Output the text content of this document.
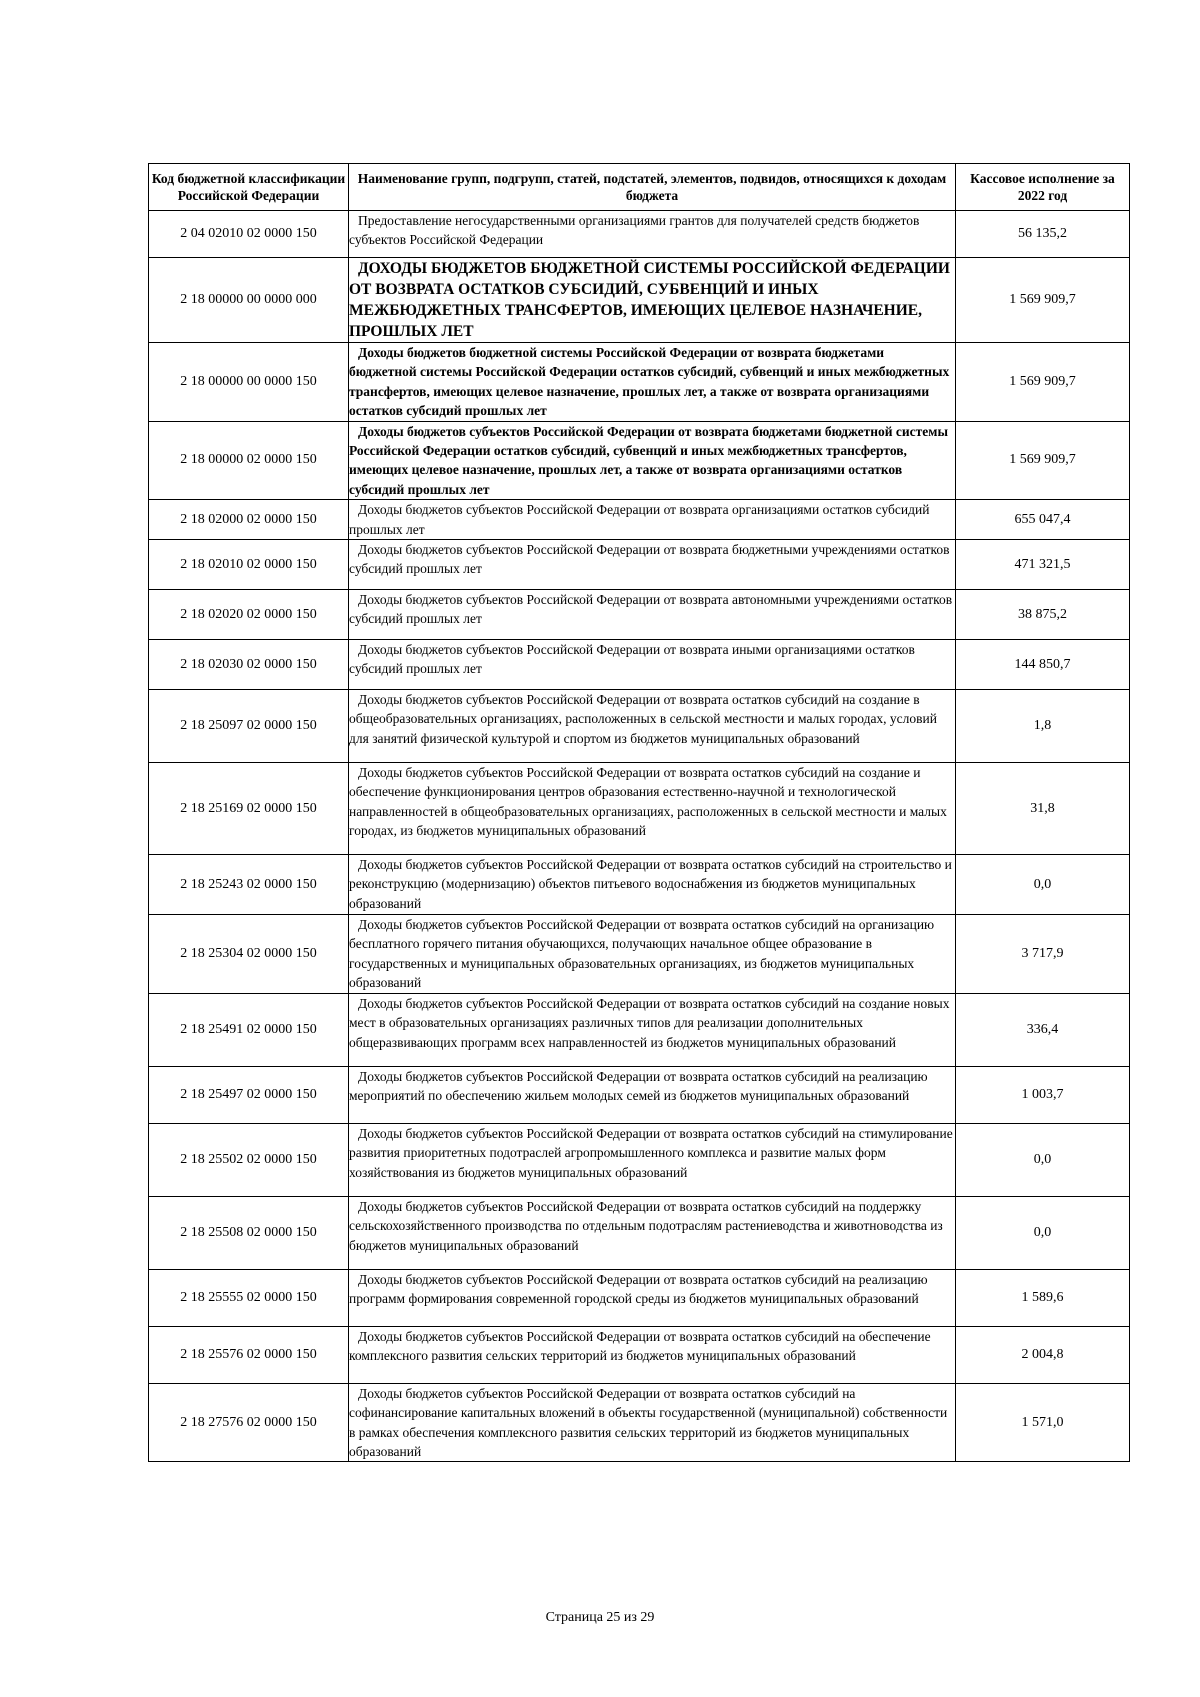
Код бюджетной классификации Российской Федерации	Наименование групп, подгрупп, статей, подстатей, элементов, подвидов, относящихся к доходам бюджета	Кассовое исполнение за 2022 год
2 04 02010 02 0000 150	Предоставление негосударственными организациями грантов для получателей средств бюджетов субъектов Российской Федерации	56 135,2
2 18 00000 00 0000 000	ДОХОДЫ БЮДЖЕТОВ БЮДЖЕТНОЙ СИСТЕМЫ РОССИЙСКОЙ ФЕДЕРАЦИИ ОТ ВОЗВРАТА ОСТАТКОВ СУБСИДИЙ, СУБВЕНЦИЙ И ИНЫХ МЕЖБЮДЖЕТНЫХ ТРАНСФЕРТОВ, ИМЕЮЩИХ ЦЕЛЕВОЕ НАЗНАЧЕНИЕ, ПРОШЛЫХ ЛЕТ	1 569 909,7
2 18 00000 00 0000 150	Доходы бюджетов бюджетной системы Российской Федерации от возврата бюджетами бюджетной системы Российской Федерации остатков субсидий, субвенций и иных межбюджетных трансфертов, имеющих целевое назначение, прошлых лет, а также от возврата организациями остатков субсидий прошлых лет	1 569 909,7
2 18 00000 02 0000 150	Доходы бюджетов субъектов Российской Федерации от возврата бюджетами бюджетной системы Российской Федерации остатков субсидий, субвенций и иных межбюджетных трансфертов, имеющих целевое назначение, прошлых лет, а также от возврата организациями остатков субсидий прошлых лет	1 569 909,7
2 18 02000 02 0000 150	Доходы бюджетов субъектов Российской Федерации от возврата организациями остатков субсидий прошлых лет	655 047,4
2 18 02010 02 0000 150	Доходы бюджетов субъектов Российской Федерации от возврата бюджетными учреждениями остатков субсидий прошлых лет	471 321,5
2 18 02020 02 0000 150	Доходы бюджетов субъектов Российской Федерации от возврата автономными учреждениями остатков субсидий прошлых лет	38 875,2
2 18 02030 02 0000 150	Доходы бюджетов субъектов Российской Федерации от возврата иными организациями остатков субсидий прошлых лет	144 850,7
2 18 25097 02 0000 150	Доходы бюджетов субъектов Российской Федерации от возврата остатков субсидий на создание в общеобразовательных организациях, расположенных в сельской местности и малых городах, условий для занятий физической культурой и спортом из бюджетов муниципальных образований	1,8
2 18 25169 02 0000 150	Доходы бюджетов субъектов Российской Федерации от возврата остатков субсидий на создание и обеспечение функционирования центров образования естественно-научной и технологической направленностей в общеобразовательных организациях, расположенных в сельской местности и малых городах, из бюджетов муниципальных образований	31,8
2 18 25243 02 0000 150	Доходы бюджетов субъектов Российской Федерации от возврата остатков субсидий на строительство и реконструкцию (модернизацию) объектов питьевого водоснабжения из бюджетов муниципальных образований	0,0
2 18 25304 02 0000 150	Доходы бюджетов субъектов Российской Федерации от возврата остатков субсидий на организацию бесплатного горячего питания обучающихся, получающих начальное общее образование в государственных и муниципальных образовательных организациях, из бюджетов муниципальных образований	3 717,9
2 18 25491 02 0000 150	Доходы бюджетов субъектов Российской Федерации от возврата остатков субсидий на создание новых мест в образовательных организациях различных типов для реализации дополнительных общеразвивающих программ всех направленностей из бюджетов муниципальных образований	336,4
2 18 25497 02 0000 150	Доходы бюджетов субъектов Российской Федерации от возврата остатков субсидий на реализацию мероприятий по обеспечению жильем молодых семей из бюджетов муниципальных образований	1 003,7
2 18 25502 02 0000 150	Доходы бюджетов субъектов Российской Федерации от возврата остатков субсидий на стимулирование развития приоритетных подотраслей агропромышленного комплекса и развитие малых форм хозяйствования из бюджетов муниципальных образований	0,0
2 18 25508 02 0000 150	Доходы бюджетов субъектов Российской Федерации от возврата остатков субсидий на поддержку сельскохозяйственного производства по отдельным подотраслям растениеводства и животноводства из бюджетов муниципальных образований	0,0
2 18 25555 02 0000 150	Доходы бюджетов субъектов Российской Федерации от возврата остатков субсидий на реализацию программ формирования современной городской среды из бюджетов муниципальных образований	1 589,6
2 18 25576 02 0000 150	Доходы бюджетов субъектов Российской Федерации от возврата остатков субсидий на обеспечение комплексного развития сельских территорий из бюджетов муниципальных образований	2 004,8
2 18 27576 02 0000 150	Доходы бюджетов субъектов Российской Федерации от возврата остатков субсидий на софинансирование капитальных вложений в объекты государственной (муниципальной) собственности в рамках обеспечения комплексного развития сельских территорий из бюджетов муниципальных образований	1 571,0
Страница 25 из 29
